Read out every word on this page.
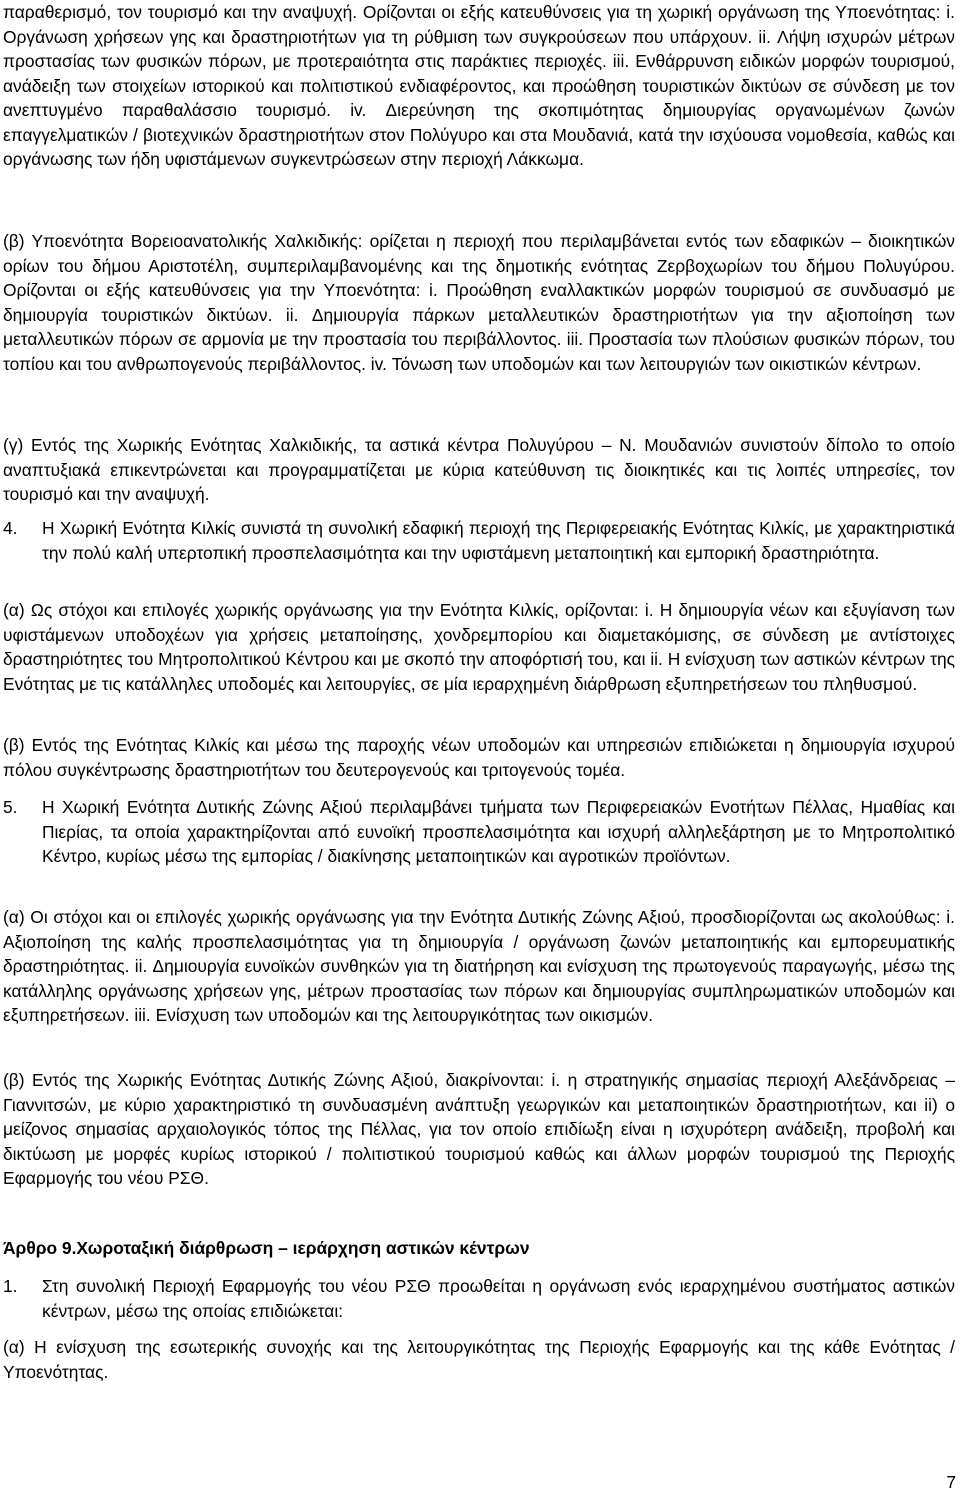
παραθερισμό, τον τουρισμό και την αναψυχή. Ορίζονται οι εξής κατευθύνσεις για τη χωρική οργάνωση της Υποενότητας: i. Οργάνωση χρήσεων γης και δραστηριοτήτων για τη ρύθμιση των συγκρούσεων που υπάρχουν. ii. Λήψη ισχυρών μέτρων προστασίας των φυσικών πόρων, με προτεραιότητα στις παράκτιες περιοχές. iii. Ενθάρρυνση ειδικών μορφών τουρισμού, ανάδειξη των στοιχείων ιστορικού και πολιτιστικού ενδιαφέροντος, και προώθηση τουριστικών δικτύων σε σύνδεση με τον ανεπτυγμένο παραθαλάσσιο τουρισμό. iv. Διερεύνηση της σκοπιμότητας δημιουργίας οργανωμένων ζωνών επαγγελματικών / βιοτεχνικών δραστηριοτήτων στον Πολύγυρο και στα Μουδανιά, κατά την ισχύουσα νομοθεσία, καθώς και οργάνωσης των ήδη υφιστάμενων συγκεντρώσεων στην περιοχή Λάκκωμα.

(β) Υποενότητα Βορειοανατολικής Χαλκιδικής: ορίζεται η περιοχή που περιλαμβάνεται εντός των εδαφικών – διοικητικών ορίων του δήμου Αριστοτέλη, συμπεριλαμβανομένης και της δημοτικής ενότητας Ζερβοχωρίων του δήμου Πολυγύρου. Ορίζονται οι εξής κατευθύνσεις για την Υποενότητα: i. Προώθηση εναλλακτικών μορφών τουρισμού σε συνδυασμό με δημιουργία τουριστικών δικτύων. ii. Δημιουργία πάρκων μεταλλευτικών δραστηριοτήτων για την αξιοποίηση των μεταλλευτικών πόρων σε αρμονία με την προστασία του περιβάλλοντος. iii. Προστασία των πλούσιων φυσικών πόρων, του τοπίου και του ανθρωπογενούς περιβάλλοντος. iv. Τόνωση των υποδομών και των λειτουργιών των οικιστικών κέντρων.

(γ) Εντός της Χωρικής Ενότητας Χαλκιδικής, τα αστικά κέντρα Πολυγύρου – Ν. Μουδανιών συνιστούν δίπολο το οποίο αναπτυξιακά επικεντρώνεται και προγραμματίζεται με κύρια κατεύθυνση τις διοικητικές και τις λοιπές υπηρεσίες, τον τουρισμό και την αναψυχή.

4.	Η Χωρική Ενότητα Κιλκίς συνιστά τη συνολική εδαφική περιοχή της Περιφερειακής Ενότητας Κιλκίς, με χαρακτηριστικά την πολύ καλή υπερτοπική προσπελασιμότητα και την υφιστάμενη μεταποιητική και εμπορική δραστηριότητα.

(α) Ως στόχοι και επιλογές χωρικής οργάνωσης για την Ενότητα Κιλκίς, ορίζονται: i. Η δημιουργία νέων και εξυγίανση των υφιστάμενων υποδοχέων για χρήσεις μεταποίησης, χονδρεμπορίου και διαμετακόμισης, σε σύνδεση με αντίστοιχες δραστηριότητες του Μητροπολιτικού Κέντρου και με σκοπό την αποφόρτισή του, και ii. Η ενίσχυση των αστικών κέντρων της Ενότητας με τις κατάλληλες υποδομές και λειτουργίες, σε μία ιεραρχημένη διάρθρωση εξυπηρετήσεων του πληθυσμού.

(β) Εντός της Ενότητας Κιλκίς και μέσω της παροχής νέων υποδομών και υπηρεσιών επιδιώκεται η δημιουργία ισχυρού πόλου συγκέντρωσης δραστηριοτήτων του δευτερογενούς και τριτογενούς τομέα.

5.	Η Χωρική Ενότητα Δυτικής Ζώνης Αξιού περιλαμβάνει τμήματα των Περιφερειακών Ενοτήτων Πέλλας, Ημαθίας και Πιερίας, τα οποία χαρακτηρίζονται από ευνοϊκή προσπελασιμότητα και ισχυρή αλληλεξάρτηση με το Μητροπολιτικό Κέντρο, κυρίως μέσω της εμπορίας / διακίνησης μεταποιητικών και αγροτικών προϊόντων.

(α) Οι στόχοι και οι επιλογές χωρικής οργάνωσης για την Ενότητα Δυτικής Ζώνης Αξιού, προσδιορίζονται ως ακολούθως: i. Αξιοποίηση της καλής προσπελασιμότητας για τη δημιουργία / οργάνωση ζωνών μεταποιητικής και εμπορευματικής δραστηριότητας. ii. Δημιουργία ευνοϊκών συνθηκών για τη διατήρηση και ενίσχυση της πρωτογενούς παραγωγής, μέσω της κατάλληλης οργάνωσης χρήσεων γης, μέτρων προστασίας των πόρων και δημιουργίας συμπληρωματικών υποδομών και εξυπηρετήσεων. iii. Ενίσχυση των υποδομών και της λειτουργικότητας των οικισμών.

(β) Εντός της Χωρικής Ενότητας Δυτικής Ζώνης Αξιού, διακρίνονται: i. η στρατηγικής σημασίας περιοχή Αλεξάνδρειας – Γιαννιτσών, με κύριο χαρακτηριστικό τη συνδυασμένη ανάπτυξη γεωργικών και μεταποιητικών δραστηριοτήτων, και ii) ο μείζονος σημασίας αρχαιολογικός τόπος της Πέλλας, για τον οποίο επιδίωξη είναι η ισχυρότερη ανάδειξη, προβολή και δικτύωση με μορφές κυρίως ιστορικού / πολιτιστικού τουρισμού καθώς και άλλων μορφών τουρισμού της Περιοχής Εφαρμογής του νέου ΡΣΘ.

Άρθρο 9.Χωροταξική διάρθρωση – ιεράρχηση αστικών κέντρων

1.	Στη συνολική Περιοχή Εφαρμογής του νέου ΡΣΘ προωθείται η οργάνωση ενός ιεραρχημένου συστήματος αστικών κέντρων, μέσω της οποίας επιδιώκεται:

(α) Η ενίσχυση της εσωτερικής συνοχής και της λειτουργικότητας της Περιοχής Εφαρμογής και της κάθε Ενότητας / Υποενότητας.

7
